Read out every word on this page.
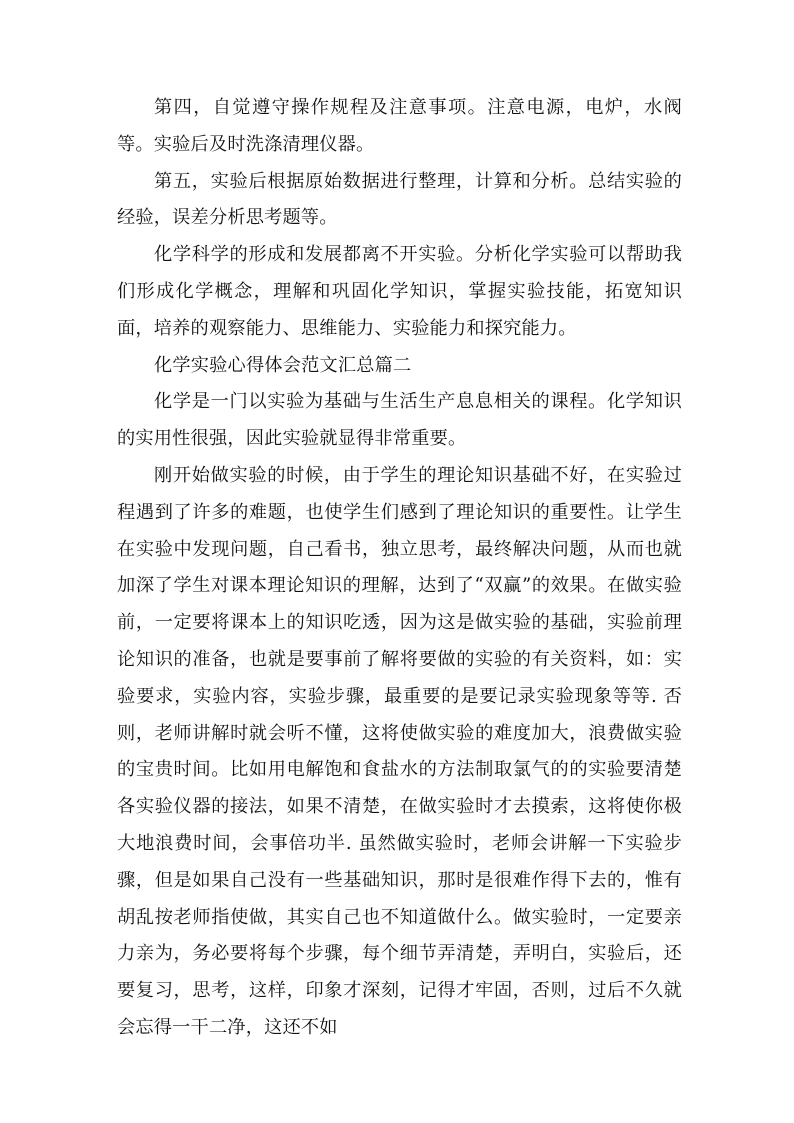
第四，自觉遵守操作规程及注意事项。注意电源，电炉，水阀等。实验后及时洗涤清理仪器。

第五，实验后根据原始数据进行整理，计算和分析。总结实验的经验，误差分析思考题等。

化学科学的形成和发展都离不开实验。分析化学实验可以帮助我们形成化学概念，理解和巩固化学知识，掌握实验技能，拓宽知识面，培养的观察能力、思维能力、实验能力和探究能力。

化学实验心得体会范文汇总篇二

化学是一门以实验为基础与生活生产息息相关的课程。化学知识的实用性很强，因此实验就显得非常重要。

刚开始做实验的时候，由于学生的理论知识基础不好，在实验过程遇到了许多的难题，也使学生们感到了理论知识的重要性。让学生在实验中发现问题，自己看书，独立思考，最终解决问题，从而也就加深了学生对课本理论知识的理解，达到了“双赢”的效果。在做实验前，一定要将课本上的知识吃透，因为这是做实验的基础，实验前理论知识的准备，也就是要事前了解将要做的实验的有关资料，如：实验要求，实验内容，实验步骤，最重要的是要记录实验现象等等. 否则，老师讲解时就会听不懂，这将使做实验的难度加大，浪费做实验的宝贵时间。比如用电解饱和食盐水的方法制取氯气的的实验要清楚各实验仪器的接法，如果不清楚，在做实验时才去摸索，这将使你极大地浪费时间，会事倍功半. 虽然做实验时，老师会讲解一下实验步骤，但是如果自己没有一些基础知识，那时是很难作得下去的，惟有胡乱按老师指使做，其实自己也不知道做什么。做实验时，一定要亲力亲为，务必要将每个步骤，每个细节弄清楚，弄明白，实验后，还要复习，思考，这样，印象才深刻，记得才牢固，否则，过后不久就会忘得一干二净，这还不如
